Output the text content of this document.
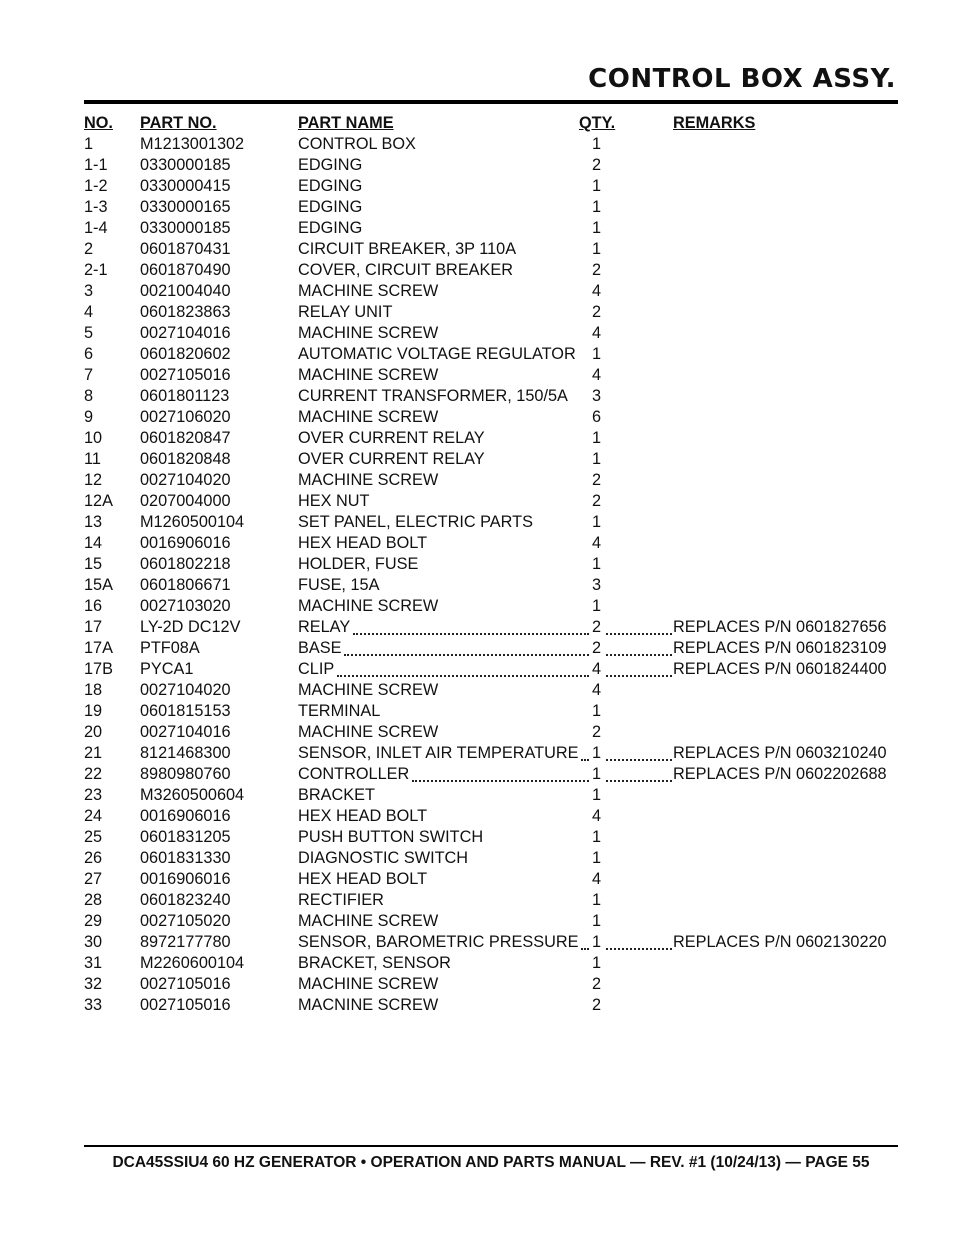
CONTROL BOX ASSY.
NO. PART NO.	PART NAME	QTY.	REMARKS
1	M1213001302	CONTROL BOX	1
1-1 0330000185	EDGING	2
1-2 0330000415	EDGING	1
1-3 0330000165	EDGING	1
1-4 0330000185	EDGING	1
2	0601870431	CIRCUIT BREAKER, 3P 110A	1
2-1 0601870490	COVER, CIRCUIT BREAKER	2
3	0021004040	MACHINE SCREW	4
4	0601823863	RELAY UNIT	2
5	0027104016	MACHINE SCREW	4
6	0601820602	AUTOMATIC VOLTAGE REGULATOR 1
7	0027105016	MACHINE SCREW	4
8	0601801123	CURRENT TRANSFORMER, 150/5A 3
9	0027106020	MACHINE SCREW	6
10 0601820847	OVER CURRENT RELAY	1
11 0601820848	OVER CURRENT RELAY	1
12 0027104020	MACHINE SCREW	2
12A 0207004000	HEX NUT	2
13 M1260500104	SET PANEL, ELECTRIC PARTS	1
14 0016906016	HEX HEAD BOLT	4
15 0601802218	HOLDER, FUSE	1
15A 0601806671	FUSE, 15A	3
16 0027103020	MACHINE SCREW	1
17 LY-2D DC12V	RELAY	2	REPLACES P/N 0601827656
17A PTF08A	BASE	2	REPLACES P/N 0601823109
17B PYCA1	CLIP	4	REPLACES P/N 0601824400
18 0027104020	MACHINE SCREW	4
19 0601815153	TERMINAL	1
20 0027104016	MACHINE SCREW	2
21 8121468300	SENSOR, INLET AIR TEMPERATURE 1	REPLACES P/N 0603210240
22 8980980760	CONTROLLER	1	REPLACES P/N 0602202688
23 M3260500604	BRACKET	1
24 0016906016	HEX HEAD BOLT	4
25 0601831205	PUSH BUTTON SWITCH	1
26 0601831330	DIAGNOSTIC SWITCH	1
27 0016906016	HEX HEAD BOLT	4
28 0601823240	RECTIFIER	1
29 0027105020	MACHINE SCREW	1
30 8972177780	SENSOR, BAROMETRIC PRESSURE 1	REPLACES P/N 0602130220
31 M2260600104	BRACKET, SENSOR	1
32 0027105016	MACHINE SCREW	2
33 0027105016	MACNINE SCREW	2
DCA45SSIU4 60 HZ GENERATOR • OPERATION AND PARTS MANUAL — REV. #1 (10/24/13) — PAGE 55
